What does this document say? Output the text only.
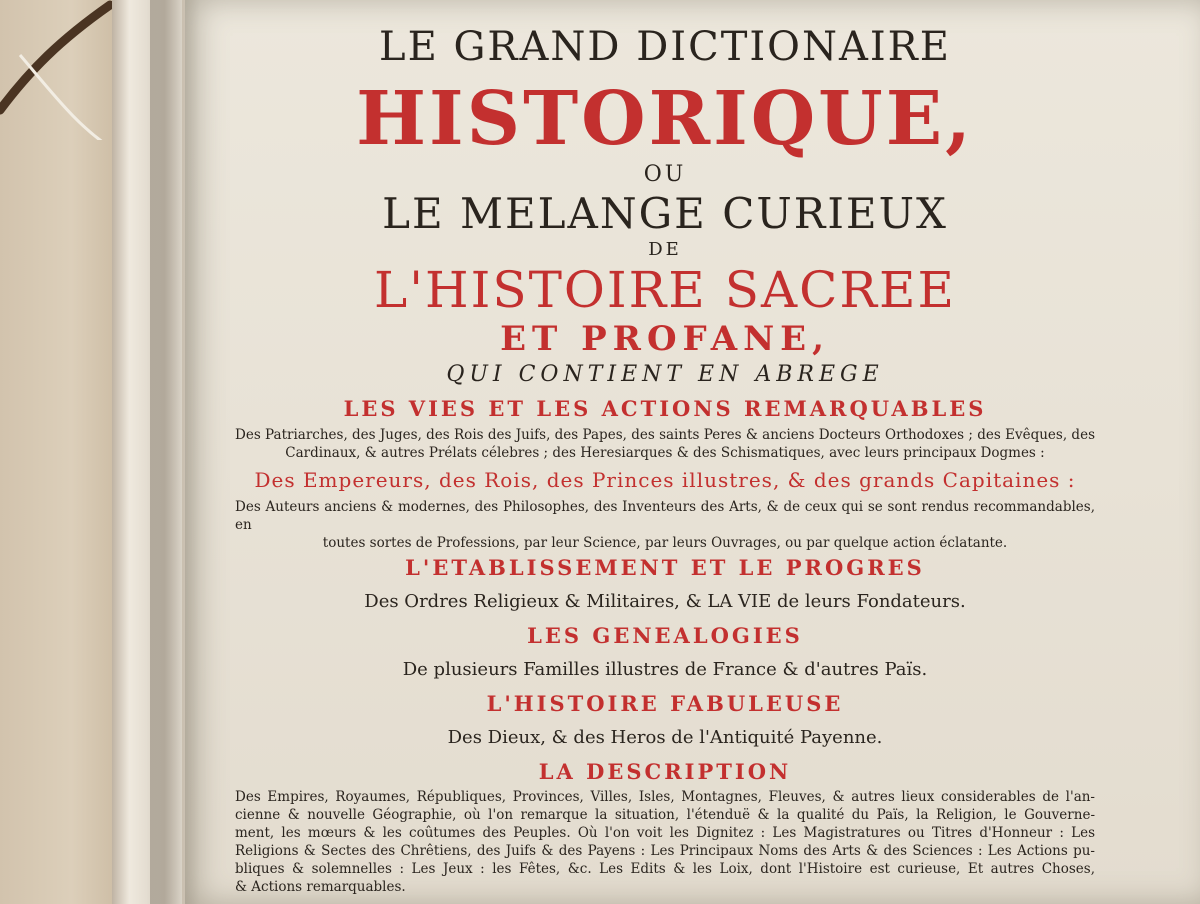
LE GRAND DICTIONAIRE
HISTORIQUE,
OU
LE MELANGE CURIEUX
DE
L'HISTOIRE SACREE
ET PROFANE,
QUI CONTIENT EN ABREGE
LES VIES ET LES ACTIONS REMARQUABLES
Des Patriarches, des Juges, des Rois des Juifs, des Papes, des saints Peres & anciens Docteurs Orthodoxes ; des Evêques, des
Cardinaux, & autres Prélats célebres ; des Heresiarques & des Schismatiques, avec leurs principaux Dogmes :
Des Empereurs, des Rois, des Princes illustres, & des grands Capitaines :
Des Auteurs anciens & modernes, des Philosophes, des Inventeurs des Arts, & de ceux qui se sont rendus recommandables, en
toutes sortes de Professions, par leur Science, par leurs Ouvrages, ou par quelque action éclatante.
L'ETABLISSEMENT ET LE PROGRES
Des Ordres Religieux & Militaires, & LA VIE de leurs Fondateurs.
LES GENEALOGIES
De plusieurs Familles illustres de France & d'autres Païs.
L'HISTOIRE FABULEUSE
Des Dieux, & des Heros de l'Antiquité Payenne.
LA DESCRIPTION
Des Empires, Royaumes, Républiques, Provinces, Villes, Isles, Montagnes, Fleuves, & autres lieux considerables de l'an-
cienne & nouvelle Géographie, où l'on remarque la situation, l'étenduë & la qualité du Païs, la Religion, le Gouverne-
ment, les mœurs & les coûtumes des Peuples. Où l'on voit les Dignitez : Les Magistratures ou Titres d'Honneur : Les
Religions & Sectes des Chrêtiens, des Juifs & des Payens : Les Principaux Noms des Arts & des Sciences : Les Actions pu-
bliques & solemnelles : Les Jeux : les Fêtes, &c. Les Edits & les Loix, dont l'Histoire est curieuse, Et autres Choses,
& Actions remarquables.
